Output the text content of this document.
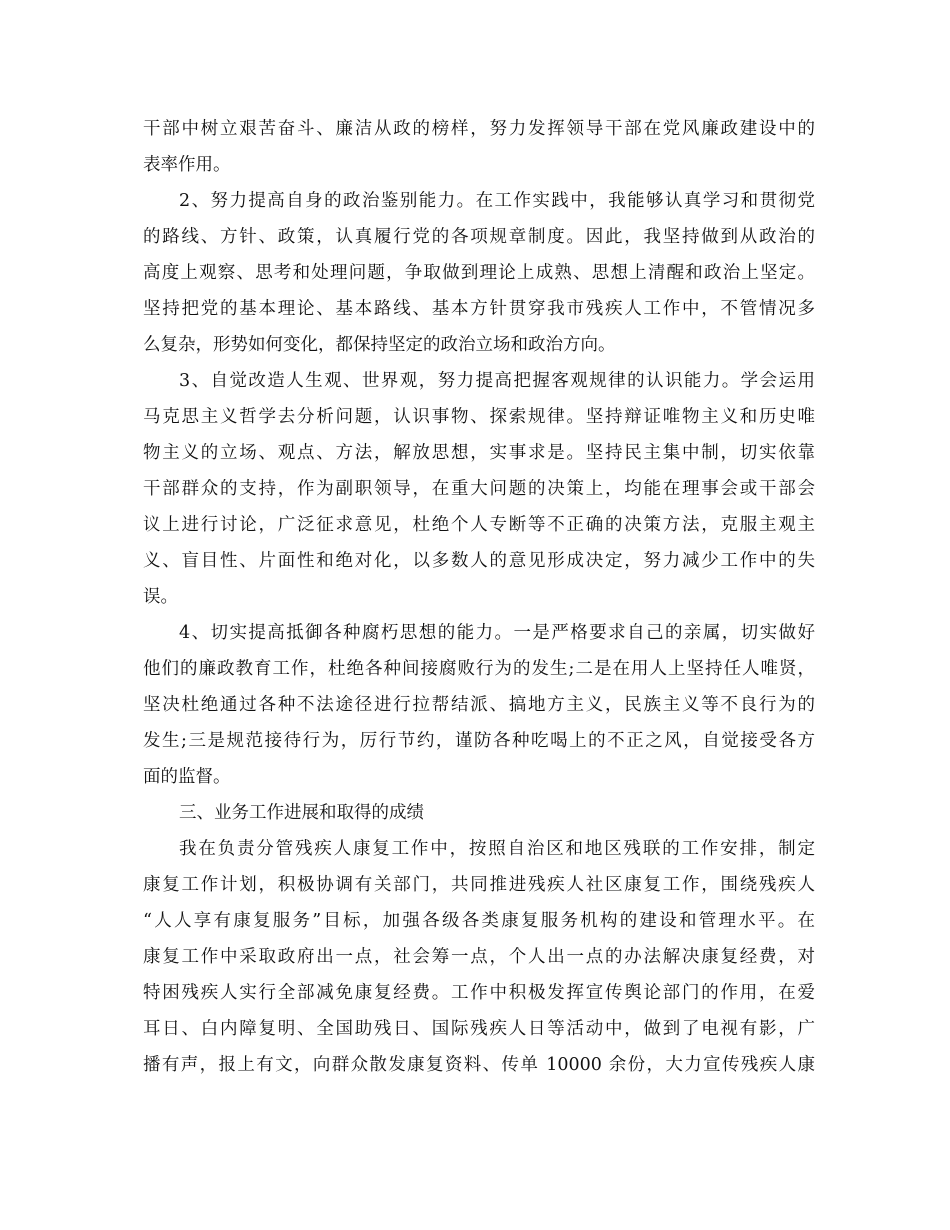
干部中树立艰苦奋斗、廉洁从政的榜样，努力发挥领导干部在党风廉政建设中的
表率作用。
2、努力提高自身的政治鉴别能力。在工作实践中，我能够认真学习和贯彻党
的路线、方针、政策，认真履行党的各项规章制度。因此，我坚持做到从政治的
高度上观察、思考和处理问题，争取做到理论上成熟、思想上清醒和政治上坚定。
坚持把党的基本理论、基本路线、基本方针贯穿我市残疾人工作中，不管情况多
么复杂，形势如何变化，都保持坚定的政治立场和政治方向。
3、自觉改造人生观、世界观，努力提高把握客观规律的认识能力。学会运用
马克思主义哲学去分析问题，认识事物、探索规律。坚持辩证唯物主义和历史唯
物主义的立场、观点、方法，解放思想，实事求是。坚持民主集中制，切实依靠
干部群众的支持，作为副职领导，在重大问题的决策上，均能在理事会或干部会
议上进行讨论，广泛征求意见，杜绝个人专断等不正确的决策方法，克服主观主
义、盲目性、片面性和绝对化，以多数人的意见形成决定，努力减少工作中的失
误。
4、切实提高抵御各种腐朽思想的能力。一是严格要求自己的亲属，切实做好
他们的廉政教育工作，杜绝各种间接腐败行为的发生;二是在用人上坚持任人唯贤，
坚决杜绝通过各种不法途径进行拉帮结派、搞地方主义，民族主义等不良行为的
发生;三是规范接待行为，厉行节约，谨防各种吃喝上的不正之风，自觉接受各方
面的监督。
三、业务工作进展和取得的成绩
我在负责分管残疾人康复工作中，按照自治区和地区残联的工作安排，制定
康复工作计划，积极协调有关部门，共同推进残疾人社区康复工作，围绕残疾人
“人人享有康复服务”目标，加强各级各类康复服务机构的建设和管理水平。在
康复工作中采取政府出一点，社会筹一点，个人出一点的办法解决康复经费，对
特困残疾人实行全部减免康复经费。工作中积极发挥宣传舆论部门的作用，在爱
耳日、白内障复明、全国助残日、国际残疾人日等活动中，做到了电视有影，广
播有声，报上有文，向群众散发康复资料、传单 10000 余份，大力宣传残疾人康
